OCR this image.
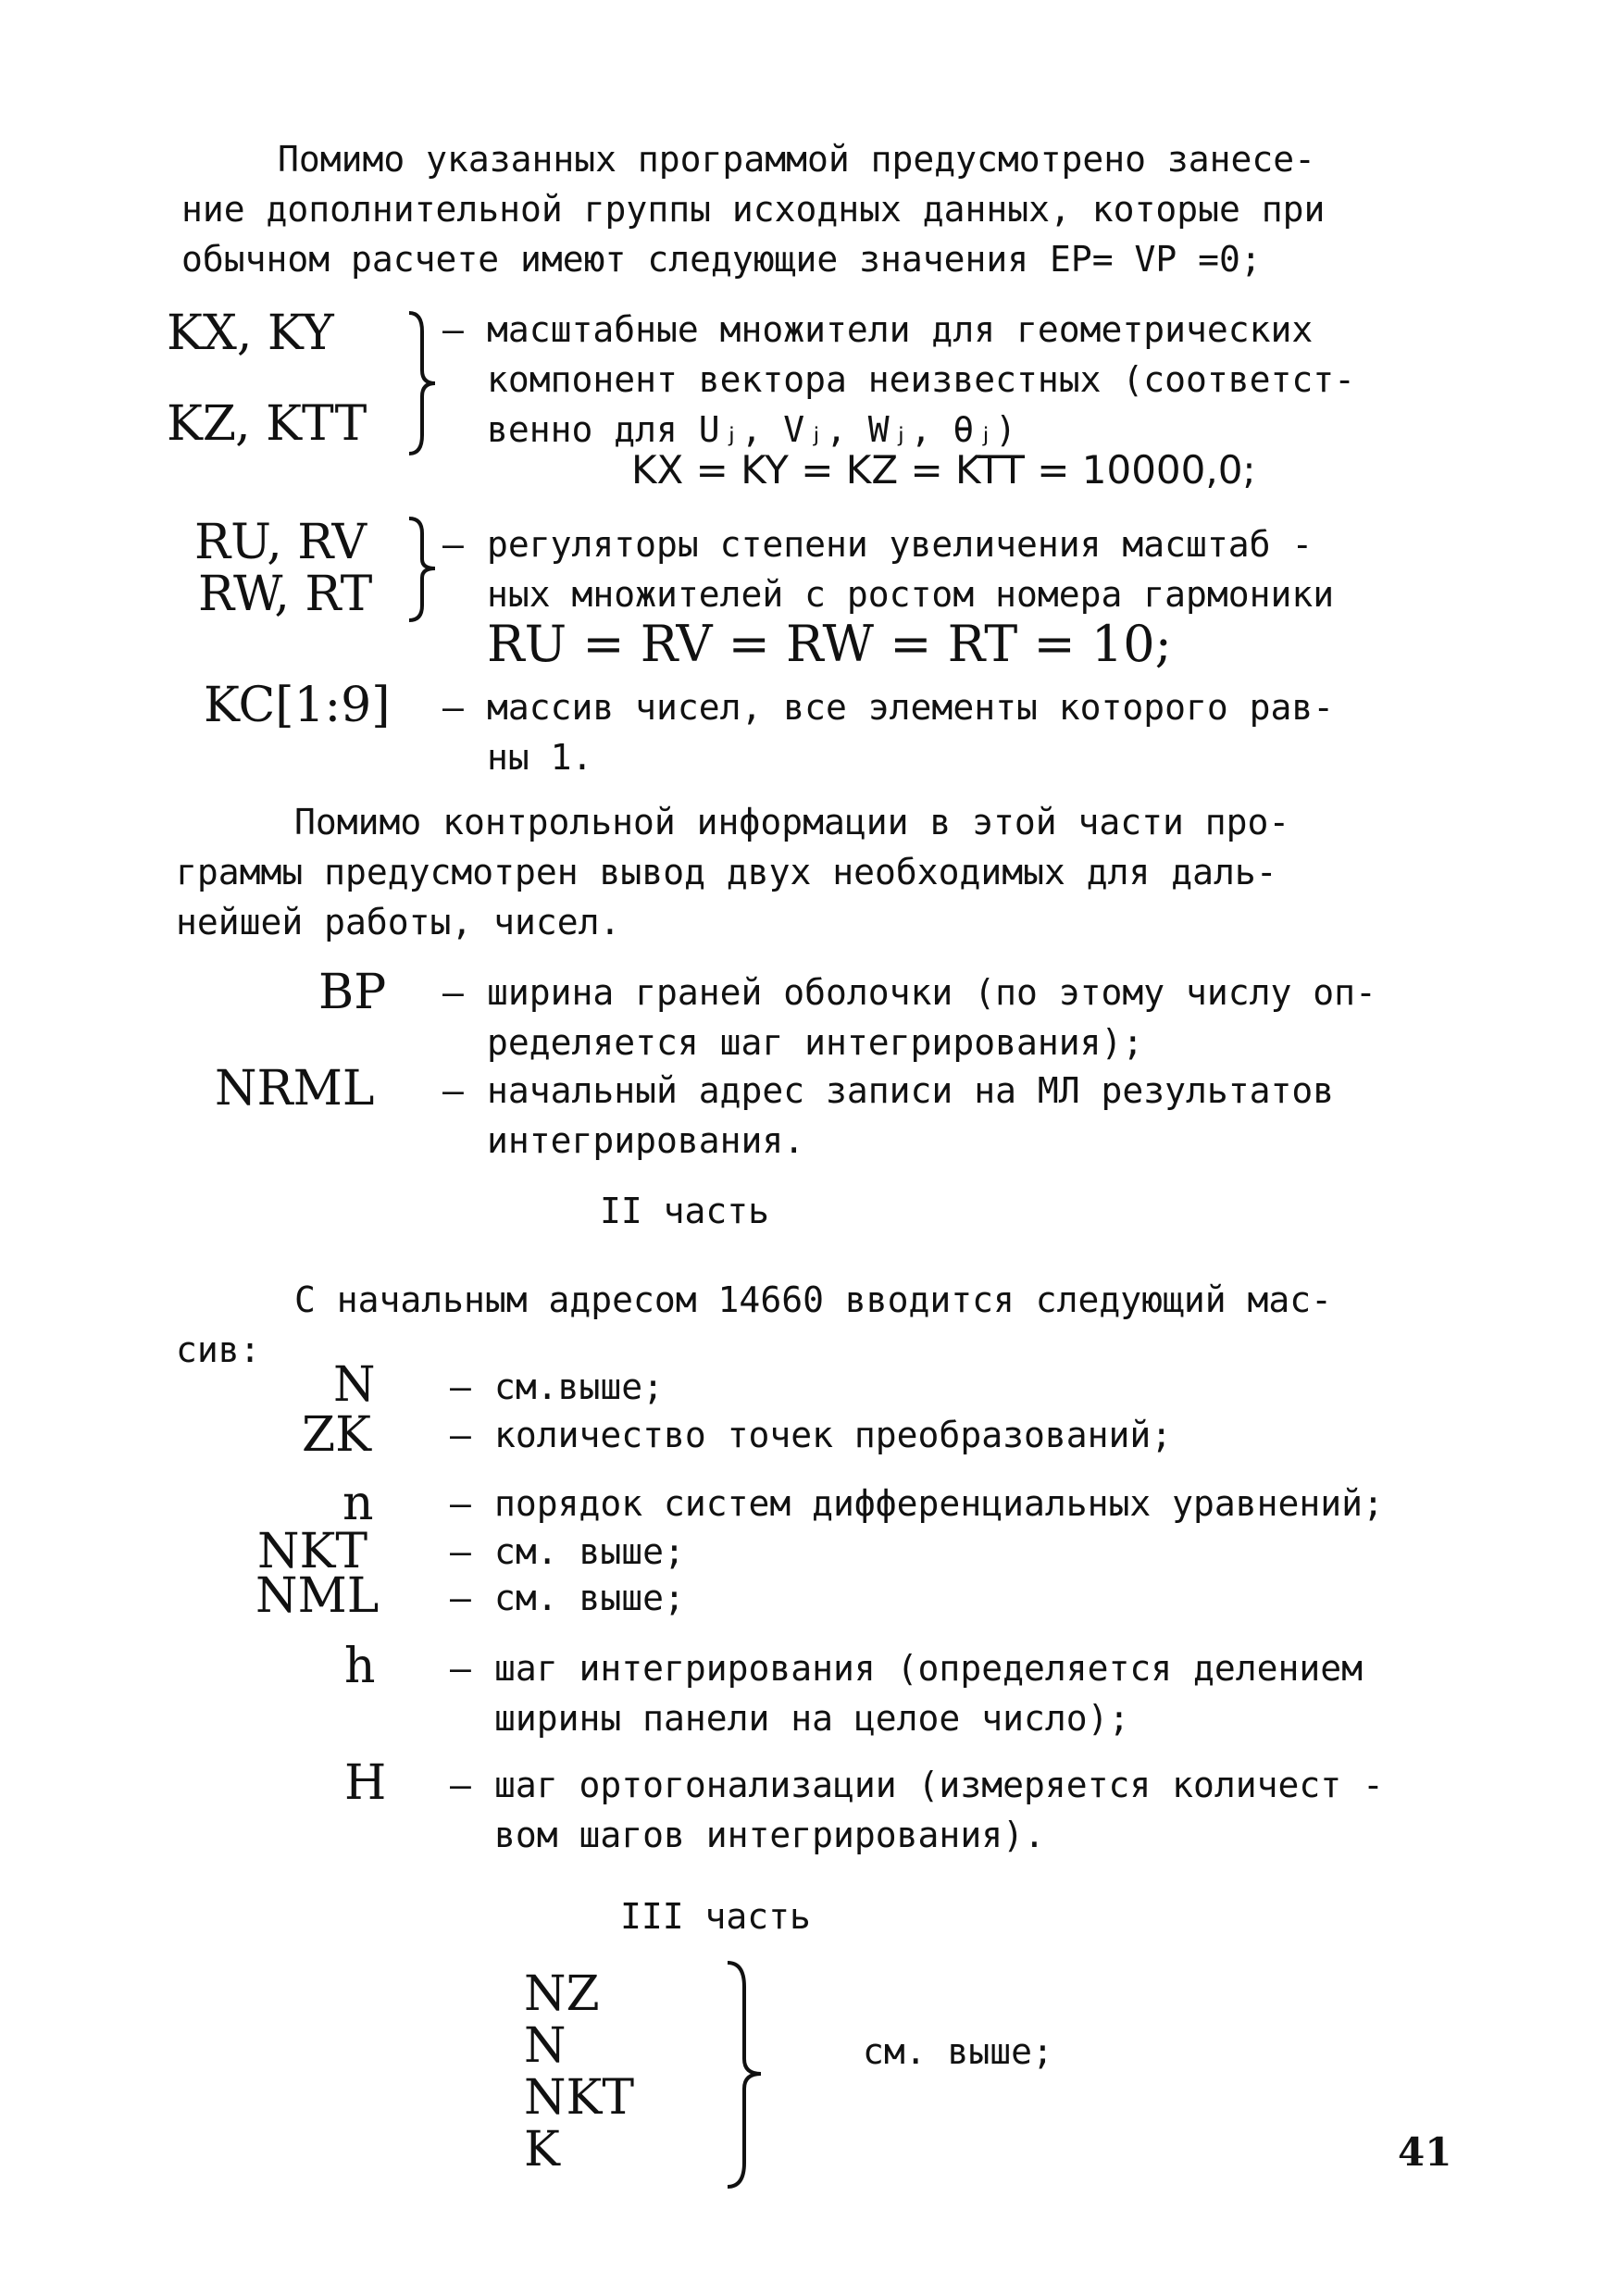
Помимо указанных программой предусмотрено занесе-
ние дополнительной группы исходных данных, которые при
обычном расчете имеют следующие значения EP= VP =0;
KX, KY
KZ, KTT
– масштабные множители для геометрических
компонент вектора неизвестных (соответст-
венно для Uⱼ, Vⱼ, Wⱼ, θⱼ)
KX = KY = KZ = KTT = 10000,0;
RU, RV
RW, RT
– регуляторы степени увеличения масштаб -
ных множителей с ростом номера гармоники
RU = RV = RW = RT = 10;
KC[1:9] – массив чисел, все элементы которого рав-
ны 1.
Помимо контрольной информации в этой части про-
граммы предусмотрен вывод двух необходимых для даль-
нейшей работы, чисел.
BP – ширина граней оболочки (по этому числу оп-
ределяется шаг интегрирования);
NRML – начальный адрес записи на МЛ результатов
интегрирования.
II часть
С начальным адресом 14660 вводится следующий мас-
сив:
N – см.выше;
ZK – количество точек преобразований;
n – порядок систем дифференциальных уравнений;
NKT – см. выше;
NML – см. выше;
h – шаг интегрирования (определяется делением
ширины панели на целое число);
H – шаг ортогонализации (измеряется количест -
вом шагов интегрирования).
III часть
NZ
N
NKT
K
см. выше;
41
